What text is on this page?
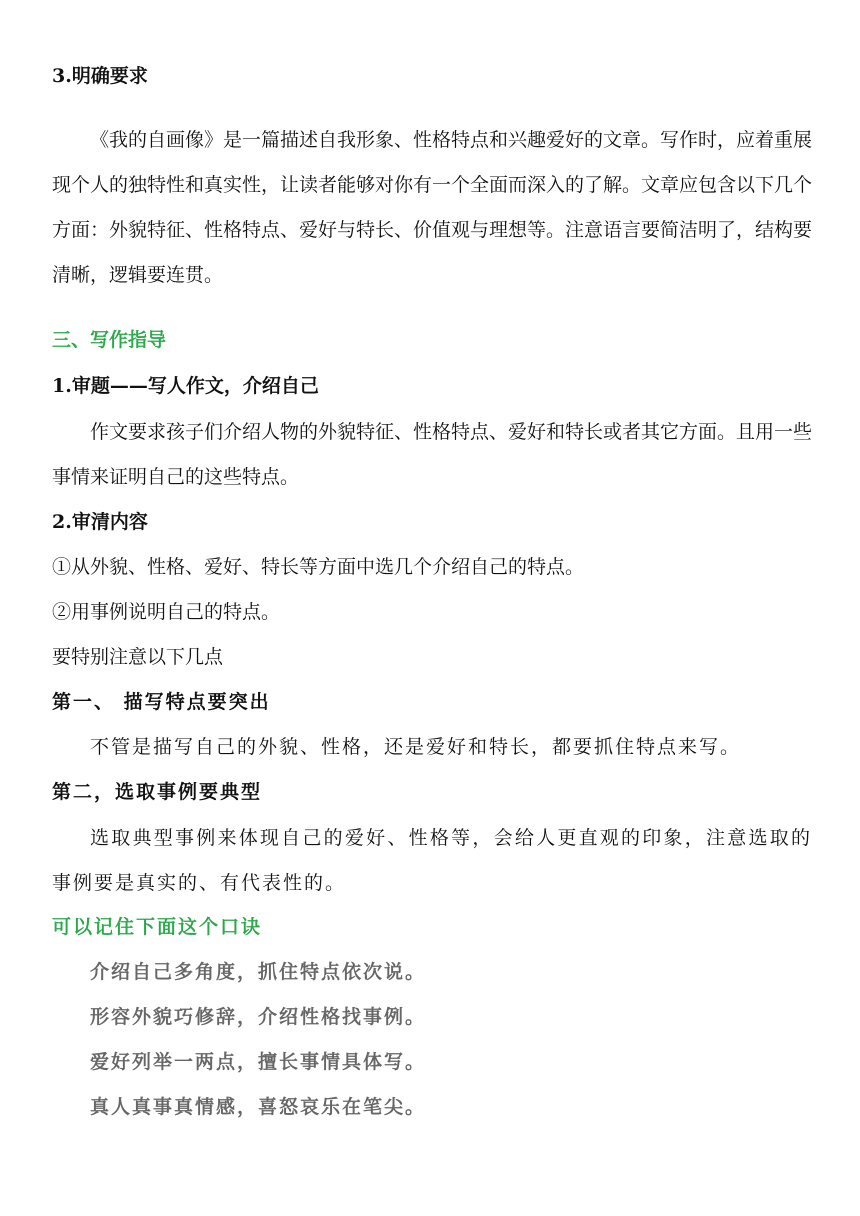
3.明确要求
《我的自画像》是一篇描述自我形象、性格特点和兴趣爱好的文章。写作时，应着重展现个人的独特性和真实性，让读者能够对你有一个全面而深入的了解。文章应包含以下几个方面：外貌特征、性格特点、爱好与特长、价值观与理想等。注意语言要简洁明了，结构要清晰，逻辑要连贯。
三、写作指导
1.审题——写人作文，介绍自己
作文要求孩子们介绍人物的外貌特征、性格特点、爱好和特长或者其它方面。且用一些事情来证明自己的这些特点。
2.审清内容
①从外貌、性格、爱好、特长等方面中选几个介绍自己的特点。
②用事例说明自己的特点。
要特别注意以下几点
第一、 描写特点要突出
不管是描写自己的外貌、性格，还是爱好和特长，都要抓住特点来写。
第二，选取事例要典型
选取典型事例来体现自己的爱好、性格等，会给人更直观的印象，注意选取的事例要是真实的、有代表性的。
可以记住下面这个口诀
介绍自己多角度，抓住特点依次说。
形容外貌巧修辞，介绍性格找事例。
爱好列举一两点，擅长事情具体写。
真人真事真情感，喜怒哀乐在笔尖。
